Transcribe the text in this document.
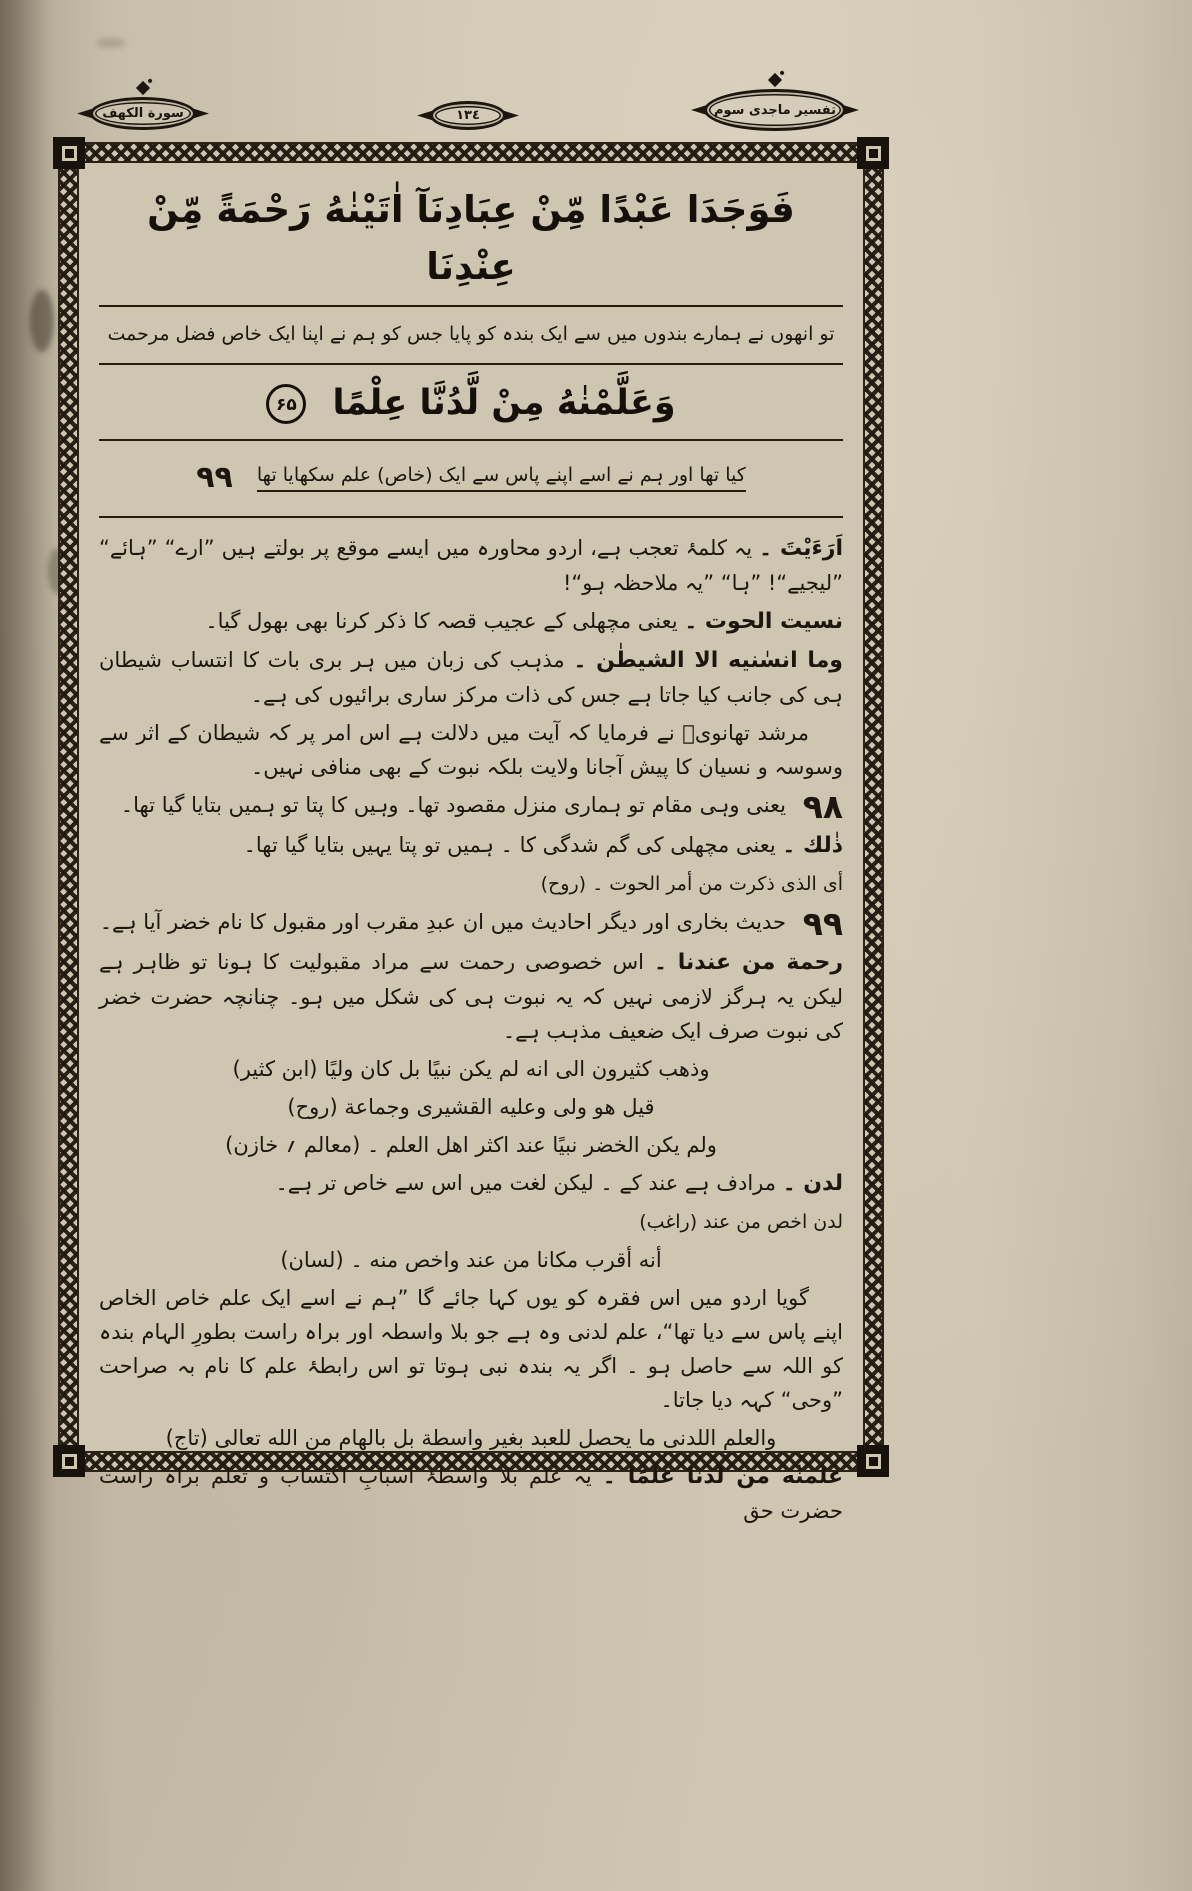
سورة الكهف	١٣٤	تفسير ماجدى سوم
فَوَجَدَا عَبْدًا مِّنْ عِبَادِنَآ اٰتَيْنٰهُ رَحْمَةً مِّنْ عِنْدِنَا
تو انھوں نے ہمارے بندوں میں سے ایک بندہ کو پایا جس کو ہم نے اپنا ایک خاص فضل مرحمت
وَعَلَّمْنٰهُ مِنْ لَّدُنَّا عِلْمًا ۶۵
کیا تھا اور ہم نے اسے اپنے پاس سے ایک (خاص) علم سکھایا تھا ۹۹

اَرَءَیْتَ ۔ یہ کلمۂ تعجب ہے، اردو محاورہ میں ایسے موقع پر بولتے ہیں ”ارے“ ”ہائے“ ”لیجیے“! ”ہا“ ”یہ ملاحظہ ہو“!

نسيت الحوت ۔ یعنی مچھلی کے عجیب قصہ کا ذکر کرنا بھی بھول گیا۔

وما انسٰنيه الا الشيطٰن ۔ مذہب کی زبان میں ہر بری بات کا انتساب شیطان ہی کی جانب کیا جاتا ہے جس کی ذات مرکز ساری برائیوں کی ہے۔

مرشد تھانویؒ نے فرمایا کہ آیت میں دلالت ہے اس امر پر کہ شیطان کے اثر سے وسوسہ و نسیان کا پیش آجانا ولایت بلکہ نبوت کے بھی منافی نہیں۔

۹۸ یعنی وہی مقام تو ہماری منزل مقصود تھا۔ وہیں کا پتا تو ہمیں بتایا گیا تھا۔

ذٰلك ۔ یعنی مچھلی کی گم شدگی کا ۔ ہمیں تو پتا یہیں بتایا گیا تھا۔

أى الذى ذكرت من أمر الحوت ۔ (روح)

۹۹ حدیث بخاری اور دیگر احادیث میں ان عبدِ مقرب اور مقبول کا نام خضر آیا ہے۔

رحمة من عندنا ۔ اس خصوصی رحمت سے مراد مقبولیت کا ہونا تو ظاہر ہے لیکن یہ ہرگز لازمی نہیں کہ یہ نبوت ہی کی شکل میں ہو۔ چنانچہ حضرت خضر کی نبوت صرف ایک ضعیف مذہب ہے۔

وذهب كثيرون الى انه لم يكن نبيًا بل كان وليًا (ابن كثير)

قيل هو ولى وعليه القشيرى وجماعة (روح)

ولم يكن الخضر نبيًا عند اكثر اهل العلم ۔ (معالم ؍ خازن)

لدن ۔ مرادف ہے عند کے ۔ لیکن لغت میں اس سے خاص تر ہے۔

لدن اخص من عند (راغب)

أنه أقرب مكانا من عند واخص منه ۔ (لسان)

گویا اردو میں اس فقرہ کو یوں کہا جائے گا ”ہم نے اسے ایک علم خاص الخاص اپنے پاس سے دیا تھا“، علم لدنی وہ ہے جو بلا واسطہ اور براہ راست بطورِ الہام بندہ کو اللہ سے حاصل ہو ۔ اگر یہ بندہ نبی ہوتا تو اس رابطۂ علم کا نام بہ صراحت ”وحی“ کہہ دیا جاتا۔

والعلم اللدنى ما يحصل للعبد بغير واسطة بل بالهام من الله تعالى (تاج)

علمنٰه من لدنا علمًا ۔ یہ علم بلا واسطۂ اسبابِ اکتساب و تعلم براہ راست حضرت حق
